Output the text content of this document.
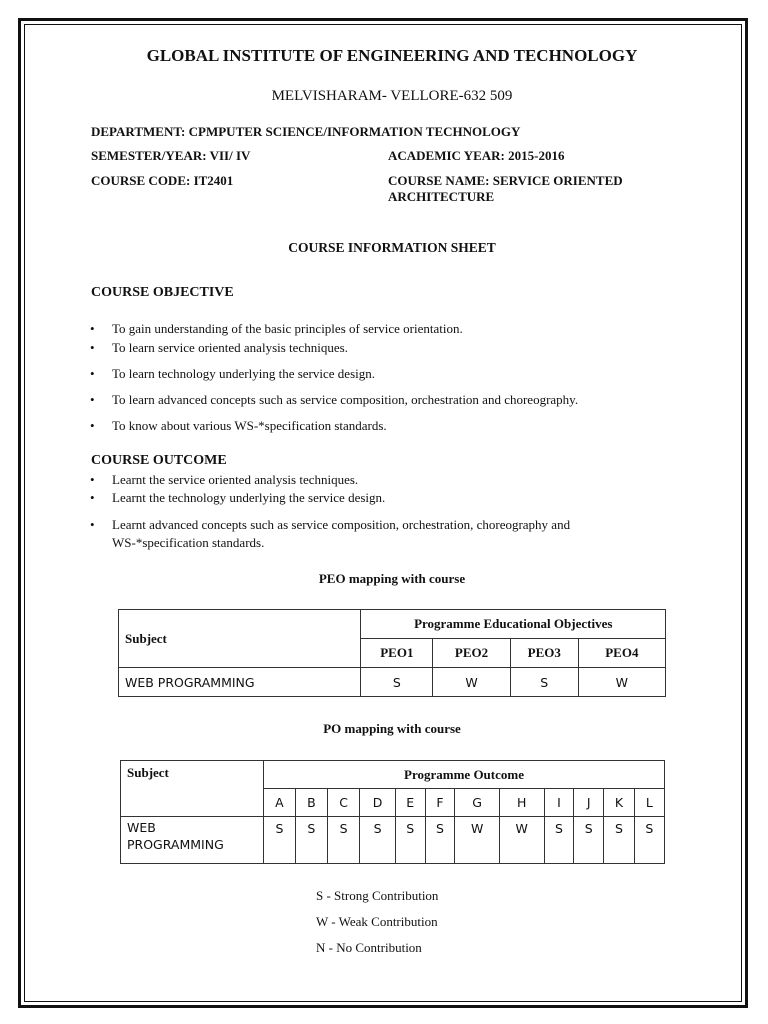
GLOBAL INSTITUTE OF ENGINEERING AND TECHNOLOGY
MELVISHARAM- VELLORE-632 509
DEPARTMENT: CPMPUTER SCIENCE/INFORMATION TECHNOLOGY
SEMESTER/YEAR: VII/ IV	ACADEMIC YEAR: 2015-2016
COURSE CODE: IT2401	COURSE NAME: SERVICE ORIENTED
ARCHITECTURE
COURSE INFORMATION SHEET
COURSE OBJECTIVE
• To gain understanding of the basic principles of service orientation.
• To learn service oriented analysis techniques.
• To learn technology underlying the service design.
• To learn advanced concepts such as service composition, orchestration and choreography.
• To know about various WS-*specification standards.
COURSE OUTCOME
• Learnt the service oriented analysis techniques.
• Learnt the technology underlying the service design.
• Learnt advanced concepts such as service composition, orchestration, choreography and
WS-*specification standards.
PEO mapping with course
Subject	Programme Educational Objectives			
	PEO1	PEO2	PEO3	PEO4
WEB PROGRAMMING	S	W	S	W
PO mapping with course
Subject	Programme Outcome											
	A	B	C	D	E	F	G	H	I	J	K	L
WEB
PROGRAMMING	S	S	S	S	S	S	W	W	S	S	S	S
S - Strong Contribution
W - Weak Contribution
N - No Contribution
